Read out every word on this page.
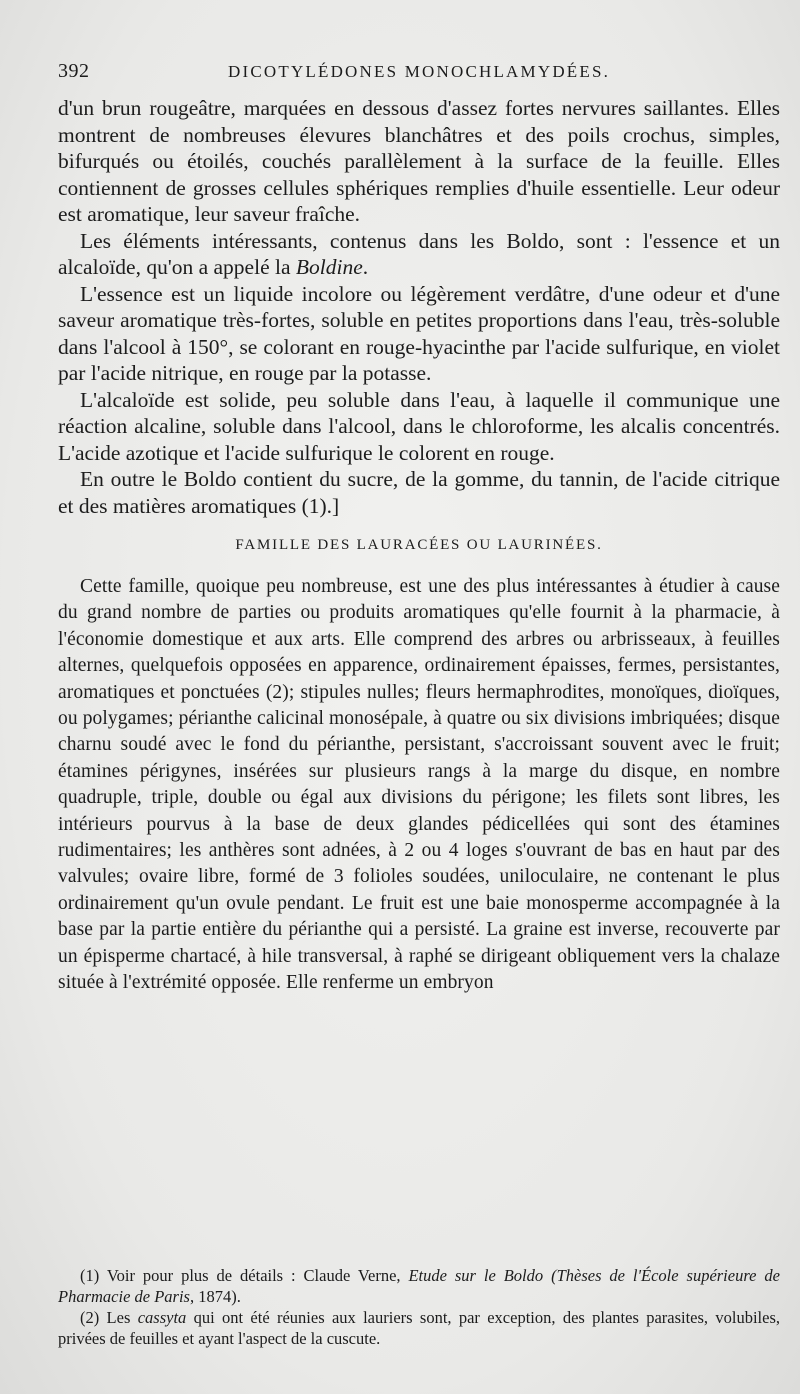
392	DICOTYLÉDONES MONOCHLAMYDÉES.

d'un brun rougeâtre, marquées en dessous d'assez fortes nervures saillantes. Elles montrent de nombreuses élevures blanchâtres et des poils crochus, simples, bifurqués ou étoilés, couchés parallèlement à la surface de la feuille. Elles contiennent de grosses cellules sphériques remplies d'huile essentielle. Leur odeur est aromatique, leur saveur fraîche.

Les éléments intéressants, contenus dans les Boldo, sont : l'essence et un alcaloïde, qu'on a appelé la Boldine.

L'essence est un liquide incolore ou légèrement verdâtre, d'une odeur et d'une saveur aromatique très-fortes, soluble en petites proportions dans l'eau, très-soluble dans l'alcool à 150°, se colorant en rouge-hyacinthe par l'acide sulfurique, en violet par l'acide nitrique, en rouge par la potasse.

L'alcaloïde est solide, peu soluble dans l'eau, à laquelle il communique une réaction alcaline, soluble dans l'alcool, dans le chloroforme, les alcalis concentrés. L'acide azotique et l'acide sulfurique le colorent en rouge.

En outre le Boldo contient du sucre, de la gomme, du tannin, de l'acide citrique et des matières aromatiques (1).]

FAMILLE DES LAURACÉES OU LAURINÉES.

Cette famille, quoique peu nombreuse, est une des plus intéressantes à étudier à cause du grand nombre de parties ou produits aromatiques qu'elle fournit à la pharmacie, à l'économie domestique et aux arts. Elle comprend des arbres ou arbrisseaux, à feuilles alternes, quelquefois opposées en apparence, ordinairement épaisses, fermes, persistantes, aromatiques et ponctuées (2); stipules nulles; fleurs hermaphrodites, monoïques, dioïques, ou polygames; périanthe calicinal monosépale, à quatre ou six divisions imbriquées; disque charnu soudé avec le fond du périanthe, persistant, s'accroissant souvent avec le fruit; étamines périgynes, insérées sur plusieurs rangs à la marge du disque, en nombre quadruple, triple, double ou égal aux divisions du périgone; les filets sont libres, les intérieurs pourvus à la base de deux glandes pédicellées qui sont des étamines rudimentaires; les anthères sont adnées, à 2 ou 4 loges s'ouvrant de bas en haut par des valvules; ovaire libre, formé de 3 folioles soudées, uniloculaire, ne contenant le plus ordinairement qu'un ovule pendant. Le fruit est une baie monosperme accompagnée à la base par la partie entière du périanthe qui a persisté. La graine est inverse, recouverte par un épisperme chartacé, à hile transversal, à raphé se dirigeant obliquement vers la chalaze située à l'extrémité opposée. Elle renferme un embryon

(1) Voir pour plus de détails : Claude Verne, Etude sur le Boldo (Thèses de l'École supérieure de Pharmacie de Paris, 1874).

(2) Les cassyta qui ont été réunies aux lauriers sont, par exception, des plantes parasites, volubiles, privées de feuilles et ayant l'aspect de la cuscute.
